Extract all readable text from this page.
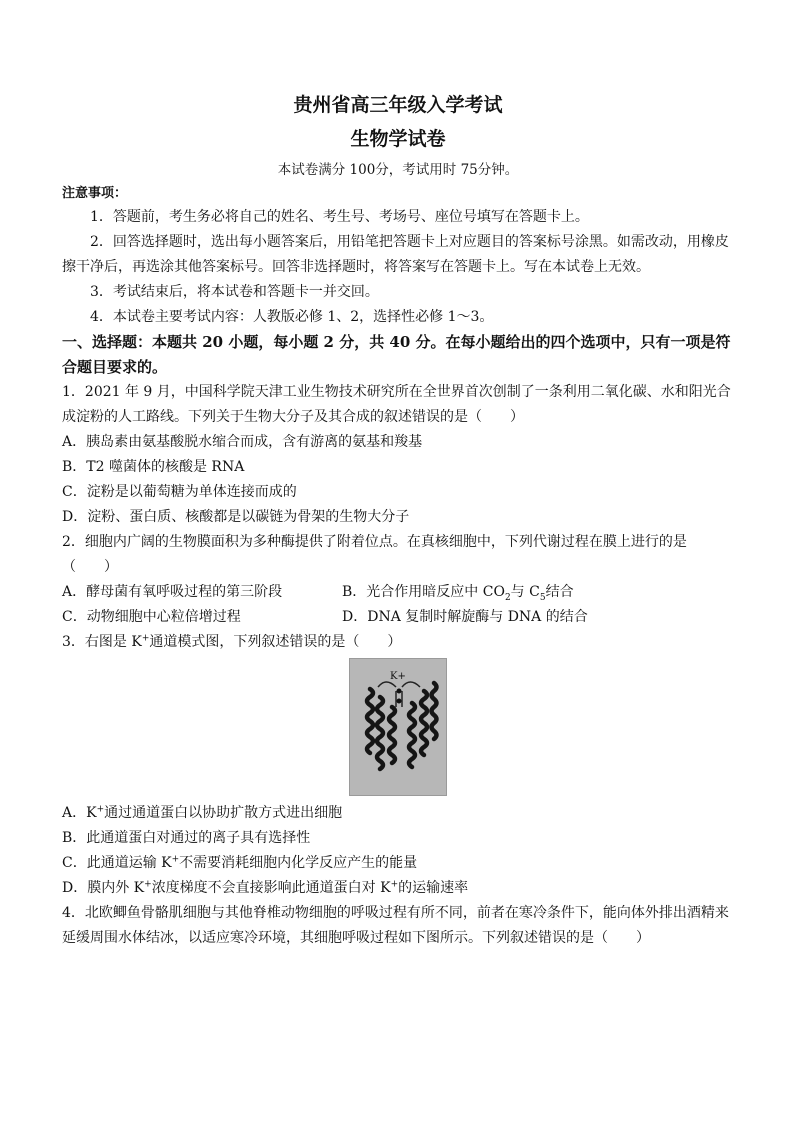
贵州省高三年级入学考试
生物学试卷
本试卷满分 100分，考试用时 75分钟。
注意事项：
1．答题前，考生务必将自己的姓名、考生号、考场号、座位号填写在答题卡上。
2．回答选择题时，选出每小题答案后，用铅笔把答题卡上对应题目的答案标号涂黑。如需改动，用橡皮擦干净后，再选涂其他答案标号。回答非选择题时，将答案写在答题卡上。写在本试卷上无效。
3．考试结束后，将本试卷和答题卡一并交回。
4．本试卷主要考试内容：人教版必修 1、2，选择性必修 1～3。
一、选择题：本题共 20 小题，每小题 2 分，共 40 分。在每小题给出的四个选项中，只有一项是符合题目要求的。
1．2021 年 9 月，中国科学院天津工业生物技术研究所在全世界首次创制了一条利用二氧化碳、水和阳光合成淀粉的人工路线。下列关于生物大分子及其合成的叙述错误的是（　　）
A．胰岛素由氨基酸脱水缩合而成，含有游离的氨基和羧基
B．T2 噬菌体的核酸是 RNA
C．淀粉是以葡萄糖为单体连接而成的
D．淀粉、蛋白质、核酸都是以碳链为骨架的生物大分子
2．细胞内广阔的生物膜面积为多种酶提供了附着位点。在真核细胞中，下列代谢过程在膜上进行的是（　　）
A．酵母菌有氧呼吸过程的第三阶段	B．光合作用暗反应中 $CO_2$与 $C_5$结合
C．动物细胞中心粒倍增过程	D．DNA 复制时解旋酶与 DNA 的结合
3．右图是 K+通道模式图，下列叙述错误的是（　　）
K+
A．K+通过通道蛋白以协助扩散方式进出细胞
B．此通道蛋白对通过的离子具有选择性
C．此通道运输 K+不需要消耗细胞内化学反应产生的能量
D．膜内外 K+浓度梯度不会直接影响此通道蛋白对 K+的运输速率
4．北欧鲫鱼骨骼肌细胞与其他脊椎动物细胞的呼吸过程有所不同，前者在寒冷条件下，能向体外排出酒精来延缓周围水体结冰，以适应寒冷环境，其细胞呼吸过程如下图所示。下列叙述错误的是（　　）
